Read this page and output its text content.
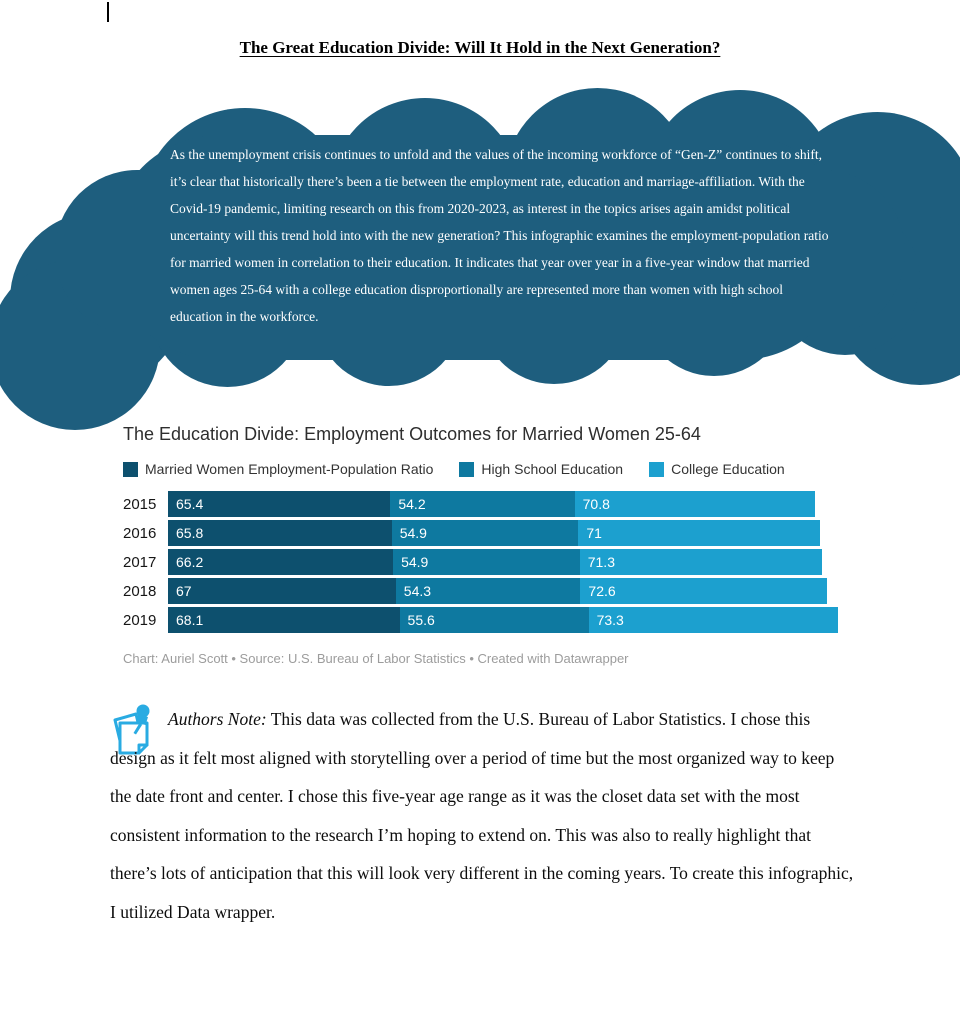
The Great Education Divide: Will It Hold in the Next Generation?
As the unemployment crisis continues to unfold and the values of the incoming workforce of “Gen-Z” continues to shift, it’s clear that historically there’s been a tie between the employment rate, education and marriage-affiliation. With the Covid-19 pandemic, limiting research on this from 2020-2023, as interest in the topics arises again amidst political uncertainty will this trend hold into with the new generation? This infographic examines the employment-population ratio for married women in correlation to their education. It indicates that year over year in a five-year window that married women ages 25-64 with a college education disproportionally are represented more than women with high school education in the workforce.
The Education Divide: Employment Outcomes for Married Women 25-64
Married Women Employment-Population Ratio	High School Education	College Education
2015	65.4	54.2	70.8
2016	65.8	54.9	71
2017	66.2	54.9	71.3
2018	67	54.3	72.6
2019	68.1	55.6	73.3
Chart: Auriel Scott • Source: U.S. Bureau of Labor Statistics • Created with Datawrapper

Authors Note: This data was collected from the U.S. Bureau of Labor Statistics. I chose this design as it felt most aligned with storytelling over a period of time but the most organized way to keep the date front and center. I chose this five-year age range as it was the closet data set with the most consistent information to the research I’m hoping to extend on. This was also to really highlight that there’s lots of anticipation that this will look very different in the coming years. To create this infographic, I utilized Data wrapper.
